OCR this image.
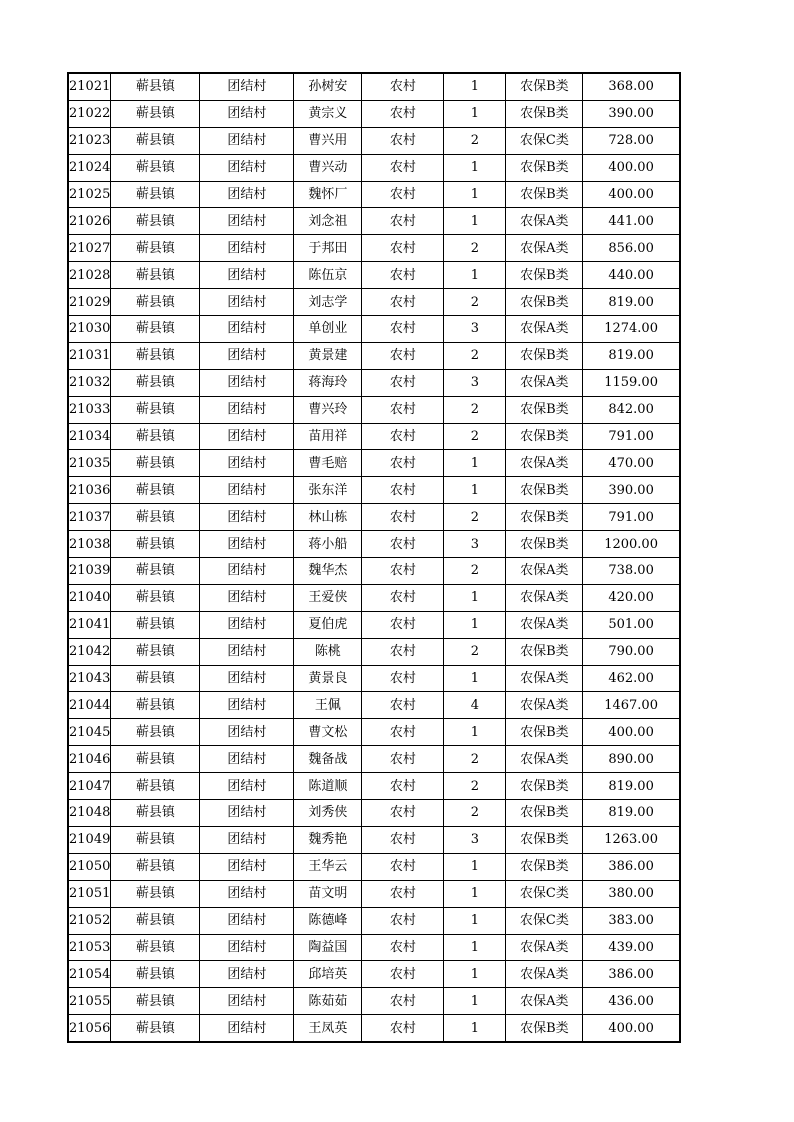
21021	蕲县镇	团结村	孙树安	农村	1	农保B类	368.00
21022	蕲县镇	团结村	黄宗义	农村	1	农保B类	390.00
21023	蕲县镇	团结村	曹兴用	农村	2	农保C类	728.00
21024	蕲县镇	团结村	曹兴动	农村	1	农保B类	400.00
21025	蕲县镇	团结村	魏怀厂	农村	1	农保B类	400.00
21026	蕲县镇	团结村	刘念祖	农村	1	农保A类	441.00
21027	蕲县镇	团结村	于邦田	农村	2	农保A类	856.00
21028	蕲县镇	团结村	陈伍京	农村	1	农保B类	440.00
21029	蕲县镇	团结村	刘志学	农村	2	农保B类	819.00
21030	蕲县镇	团结村	单创业	农村	3	农保A类	1274.00
21031	蕲县镇	团结村	黄景建	农村	2	农保B类	819.00
21032	蕲县镇	团结村	蒋海玲	农村	3	农保A类	1159.00
21033	蕲县镇	团结村	曹兴玲	农村	2	农保B类	842.00
21034	蕲县镇	团结村	苗用祥	农村	2	农保B类	791.00
21035	蕲县镇	团结村	曹毛赔	农村	1	农保A类	470.00
21036	蕲县镇	团结村	张东洋	农村	1	农保B类	390.00
21037	蕲县镇	团结村	林山栋	农村	2	农保B类	791.00
21038	蕲县镇	团结村	蒋小船	农村	3	农保B类	1200.00
21039	蕲县镇	团结村	魏华杰	农村	2	农保A类	738.00
21040	蕲县镇	团结村	王爱侠	农村	1	农保A类	420.00
21041	蕲县镇	团结村	夏伯虎	农村	1	农保A类	501.00
21042	蕲县镇	团结村	陈桃	农村	2	农保B类	790.00
21043	蕲县镇	团结村	黄景良	农村	1	农保A类	462.00
21044	蕲县镇	团结村	王佩	农村	4	农保A类	1467.00
21045	蕲县镇	团结村	曹文松	农村	1	农保B类	400.00
21046	蕲县镇	团结村	魏备战	农村	2	农保A类	890.00
21047	蕲县镇	团结村	陈道顺	农村	2	农保B类	819.00
21048	蕲县镇	团结村	刘秀侠	农村	2	农保B类	819.00
21049	蕲县镇	团结村	魏秀艳	农村	3	农保B类	1263.00
21050	蕲县镇	团结村	王华云	农村	1	农保B类	386.00
21051	蕲县镇	团结村	苗文明	农村	1	农保C类	380.00
21052	蕲县镇	团结村	陈德峰	农村	1	农保C类	383.00
21053	蕲县镇	团结村	陶益国	农村	1	农保A类	439.00
21054	蕲县镇	团结村	邱培英	农村	1	农保A类	386.00
21055	蕲县镇	团结村	陈茹茹	农村	1	农保A类	436.00
21056	蕲县镇	团结村	王凤英	农村	1	农保B类	400.00
